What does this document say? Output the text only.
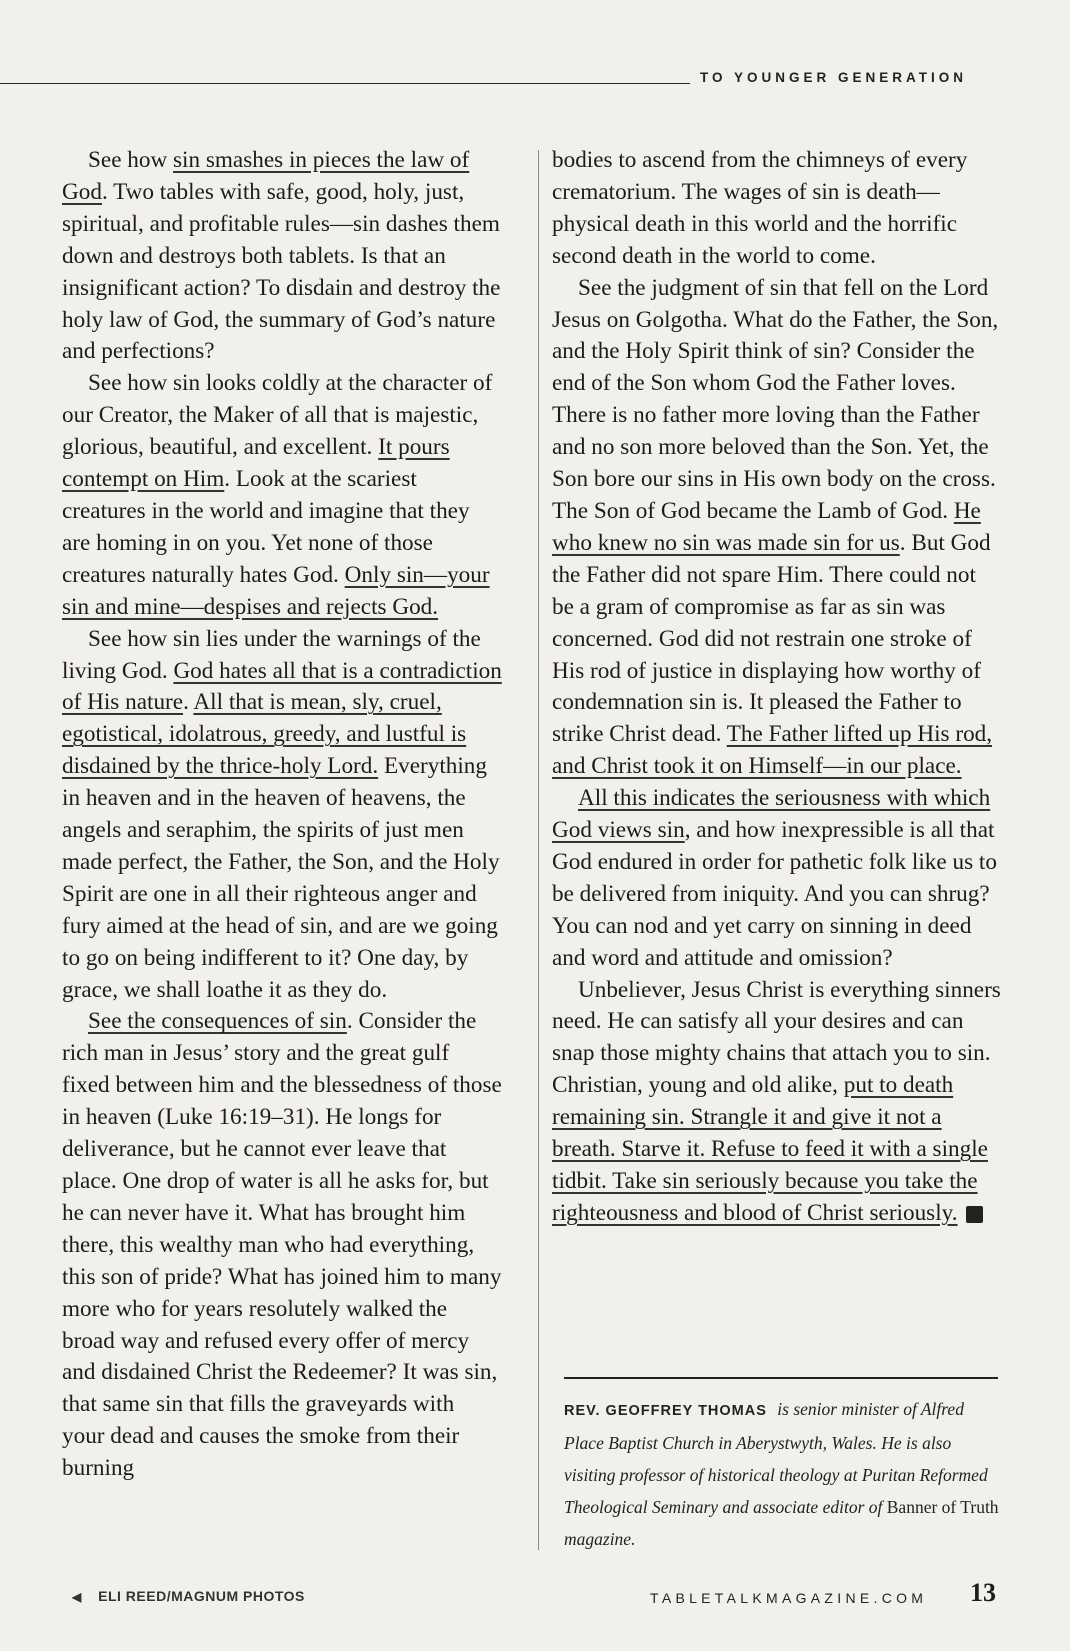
TO YOUNGER GENERATION

See how sin smashes in pieces the law of God. Two tables with safe, good, holy, just, spiritual, and profitable rules—sin dashes them down and destroys both tablets. Is that an insignificant action? To disdain and destroy the holy law of God, the summary of God’s nature and perfections?

See how sin looks coldly at the character of our Creator, the Maker of all that is majestic, glorious, beautiful, and excellent. It pours contempt on Him. Look at the scariest creatures in the world and imagine that they are homing in on you. Yet none of those creatures naturally hates God. Only sin—your sin and mine—despises and rejects God.

See how sin lies under the warnings of the living God. God hates all that is a contradiction of His nature. All that is mean, sly, cruel, egotistical, idolatrous, greedy, and lustful is disdained by the thrice-holy Lord. Everything in heaven and in the heaven of heavens, the angels and seraphim, the spirits of just men made perfect, the Father, the Son, and the Holy Spirit are one in all their righteous anger and fury aimed at the head of sin, and are we going to go on being indifferent to it? One day, by grace, we shall loathe it as they do.

See the consequences of sin. Consider the rich man in Jesus’ story and the great gulf fixed between him and the blessedness of those in heaven (Luke 16:19–31). He longs for deliverance, but he cannot ever leave that place. One drop of water is all he asks for, but he can never have it. What has brought him there, this wealthy man who had everything, this son of pride? What has joined him to many more who for years resolutely walked the broad way and refused every offer of mercy and disdained Christ the Redeemer? It was sin, that same sin that fills the graveyards with your dead and causes the smoke from their burning

bodies to ascend from the chimneys of every crematorium. The wages of sin is death—physical death in this world and the horrific second death in the world to come.

See the judgment of sin that fell on the Lord Jesus on Golgotha. What do the Father, the Son, and the Holy Spirit think of sin? Consider the end of the Son whom God the Father loves. There is no father more loving than the Father and no son more beloved than the Son. Yet, the Son bore our sins in His own body on the cross. The Son of God became the Lamb of God. He who knew no sin was made sin for us. But God the Father did not spare Him. There could not be a gram of compromise as far as sin was concerned. God did not restrain one stroke of His rod of justice in displaying how worthy of condemnation sin is. It pleased the Father to strike Christ dead. The Father lifted up His rod, and Christ took it on Himself—in our place.

All this indicates the seriousness with which God views sin, and how inexpressible is all that God endured in order for pathetic folk like us to be delivered from iniquity. And you can shrug? You can nod and yet carry on sinning in deed and word and attitude and omission?

Unbeliever, Jesus Christ is everything sinners need. He can satisfy all your desires and can snap those mighty chains that attach you to sin. Christian, young and old alike, put to death remaining sin. Strangle it and give it not a breath. Starve it. Refuse to feed it with a single tidbit. Take sin seriously because you take the righteousness and blood of Christ seriously.	T

REV. GEOFFREY THOMAS is senior minister of Alfred Place Baptist Church in Aberystwyth, Wales. He is also visiting professor of historical theology at Puritan Reformed Theological Seminary and associate editor of Banner of Truth magazine.
◀ ELI REED/MAGNUM PHOTOS	TABLETALKMAGAZINE.COM 13
